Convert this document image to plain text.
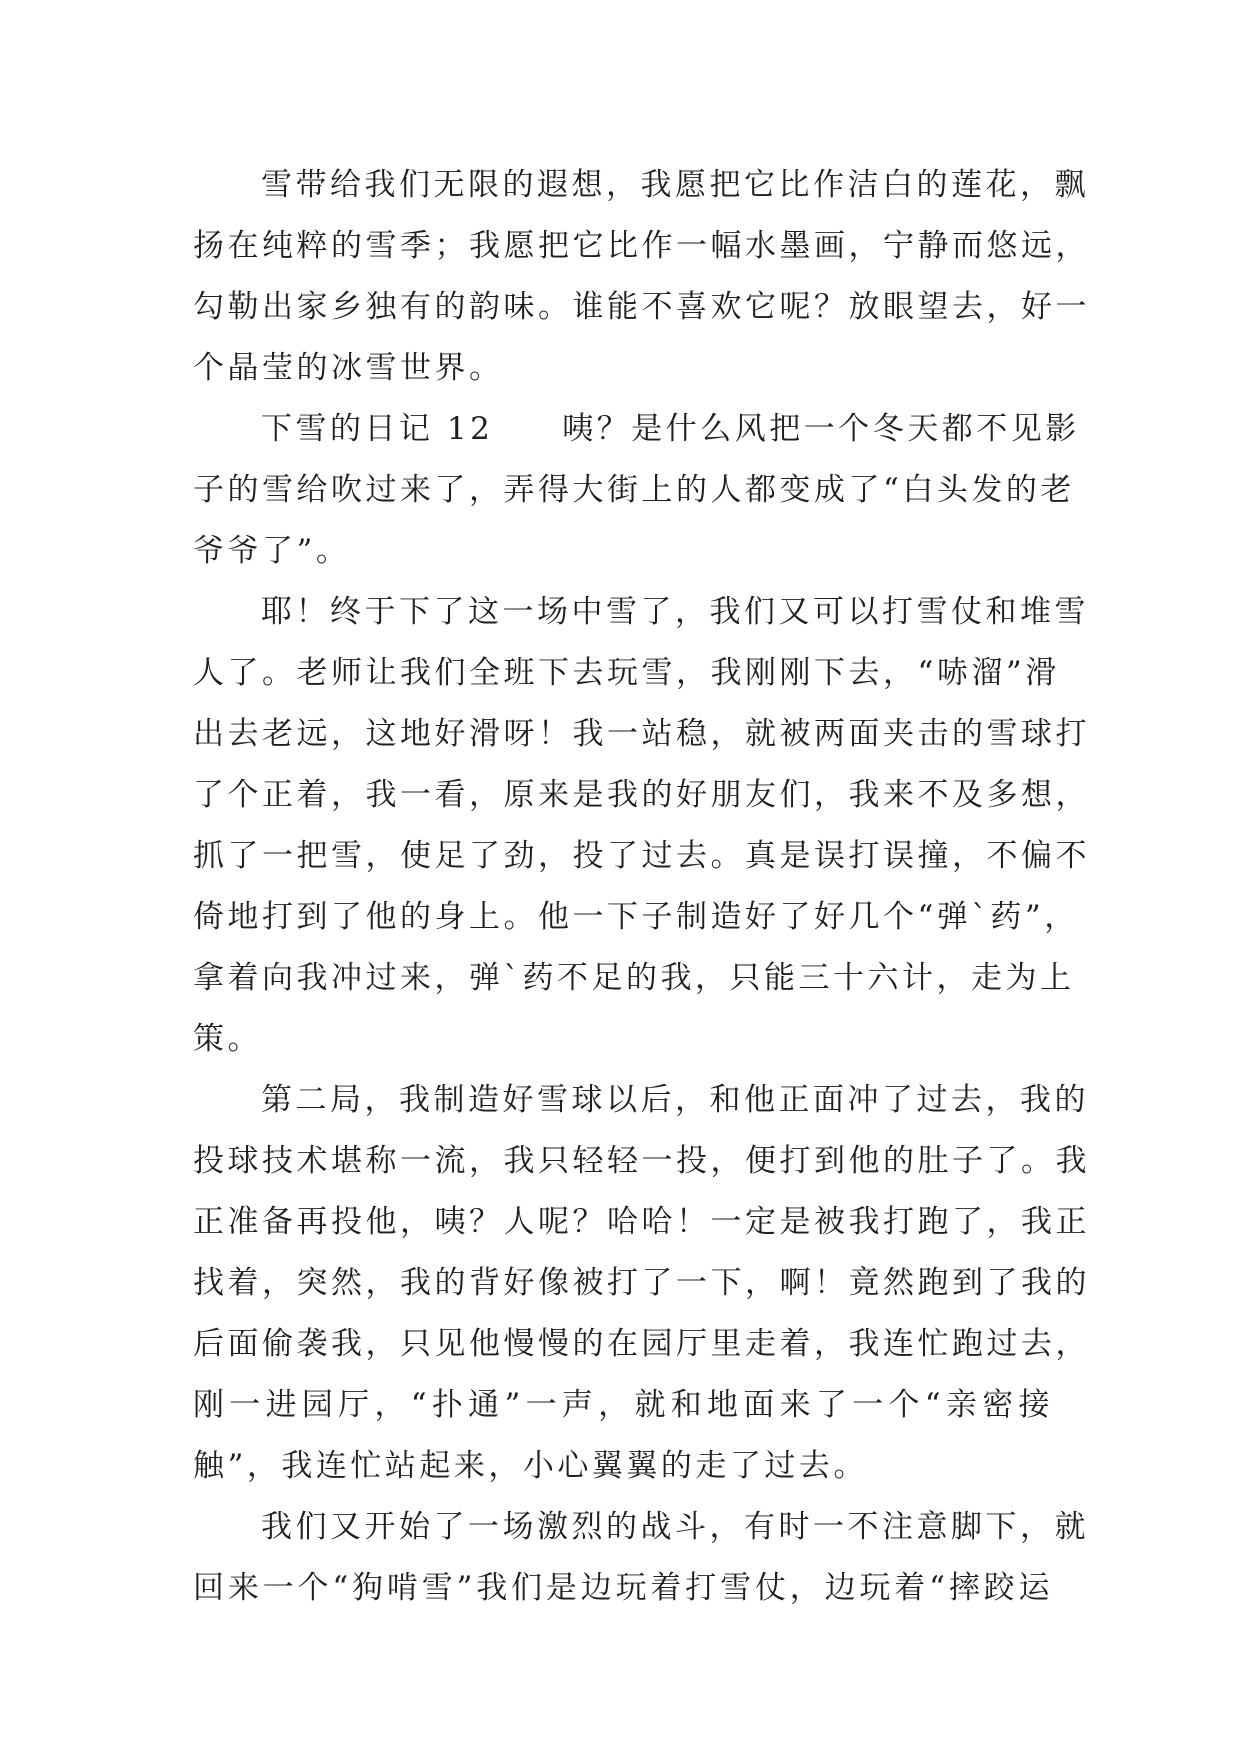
雪带给我们无限的遐想，我愿把它比作洁白的莲花，飘
扬在纯粹的雪季；我愿把它比作一幅水墨画，宁静而悠远，
勾勒出家乡独有的韵味。谁能不喜欢它呢？放眼望去，好一
个晶莹的冰雪世界。

下雪的日记 12　　咦？是什么风把一个冬天都不见影
子的雪给吹过来了，弄得大街上的人都变成了“白头发的老
爷爷了”。

耶！终于下了这一场中雪了，我们又可以打雪仗和堆雪
人了。老师让我们全班下去玩雪，我刚刚下去，“哧溜”滑
出去老远，这地好滑呀！我一站稳，就被两面夹击的雪球打
了个正着，我一看，原来是我的好朋友们，我来不及多想，
抓了一把雪，使足了劲，投了过去。真是误打误撞，不偏不
倚地打到了他的身上。他一下子制造好了好几个“弹`药”，
拿着向我冲过来，弹`药不足的我，只能三十六计，走为上
策。

第二局，我制造好雪球以后，和他正面冲了过去，我的
投球技术堪称一流，我只轻轻一投，便打到他的肚子了。我
正准备再投他，咦？人呢？哈哈！一定是被我打跑了，我正
找着，突然，我的背好像被打了一下，啊！竟然跑到了我的
后面偷袭我，只见他慢慢的在园厅里走着，我连忙跑过去，
刚一进园厅，“扑通”一声，就和地面来了一个“亲密接
触”，我连忙站起来，小心翼翼的走了过去。

我们又开始了一场激烈的战斗，有时一不注意脚下，就
回来一个“狗啃雪”我们是边玩着打雪仗，边玩着“摔跤运
